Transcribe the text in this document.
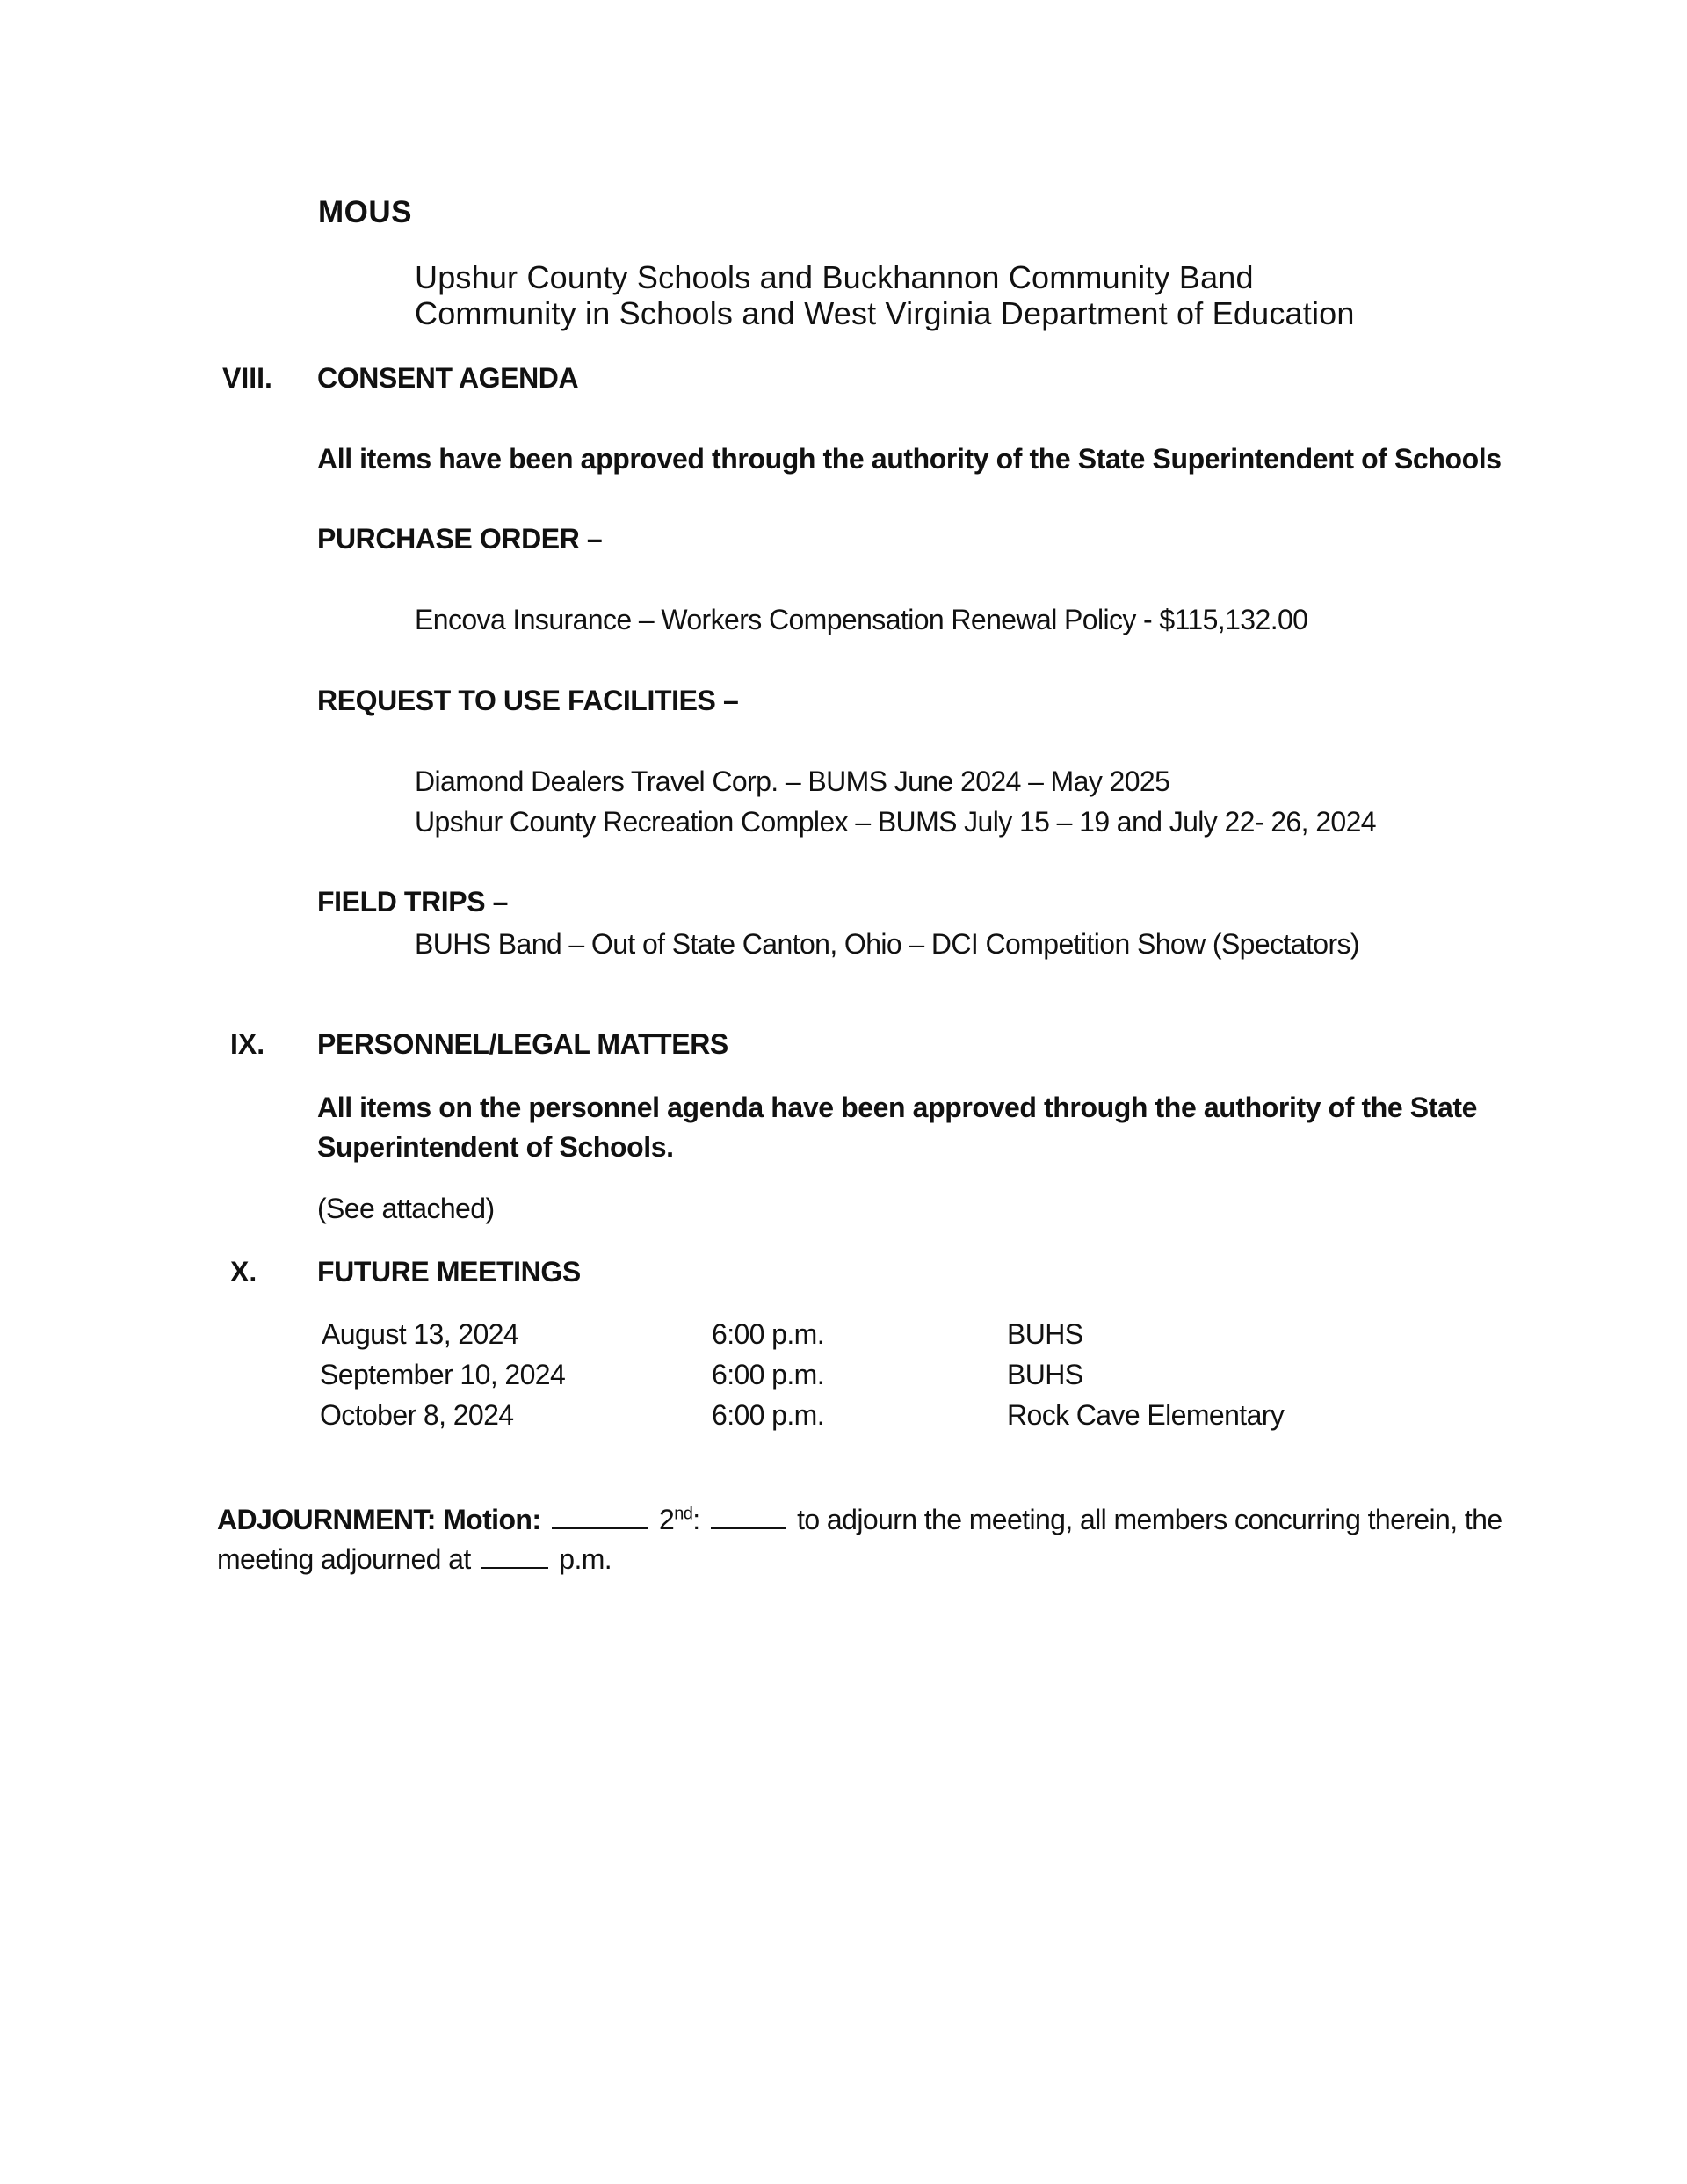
MOUS
Upshur County Schools and Buckhannon Community Band
Community in Schools and West Virginia Department of Education
VIII. CONSENT AGENDA
All items have been approved through the authority of the State Superintendent of Schools
PURCHASE ORDER –
Encova Insurance – Workers Compensation Renewal Policy - $115,132.00
REQUEST TO USE FACILITIES –
Diamond Dealers Travel Corp. – BUMS June 2024 – May 2025
Upshur County Recreation Complex – BUMS July 15 – 19 and July 22- 26, 2024
FIELD TRIPS –
BUHS Band – Out of State Canton, Ohio – DCI Competition Show (Spectators)
IX. PERSONNEL/LEGAL MATTERS
All items on the personnel agenda have been approved through the authority of the State
Superintendent of Schools.
(See attached)
X. FUTURE MEETINGS
August 13, 2024	6:00 p.m.	BUHS
September 10, 2024	6:00 p.m.	BUHS
October 8, 2024	6:00 p.m.	Rock Cave Elementary
ADJOURNMENT: Motion:	2nd:	to adjourn the meeting, all members concurring therein, the
meeting adjourned at	p.m.
